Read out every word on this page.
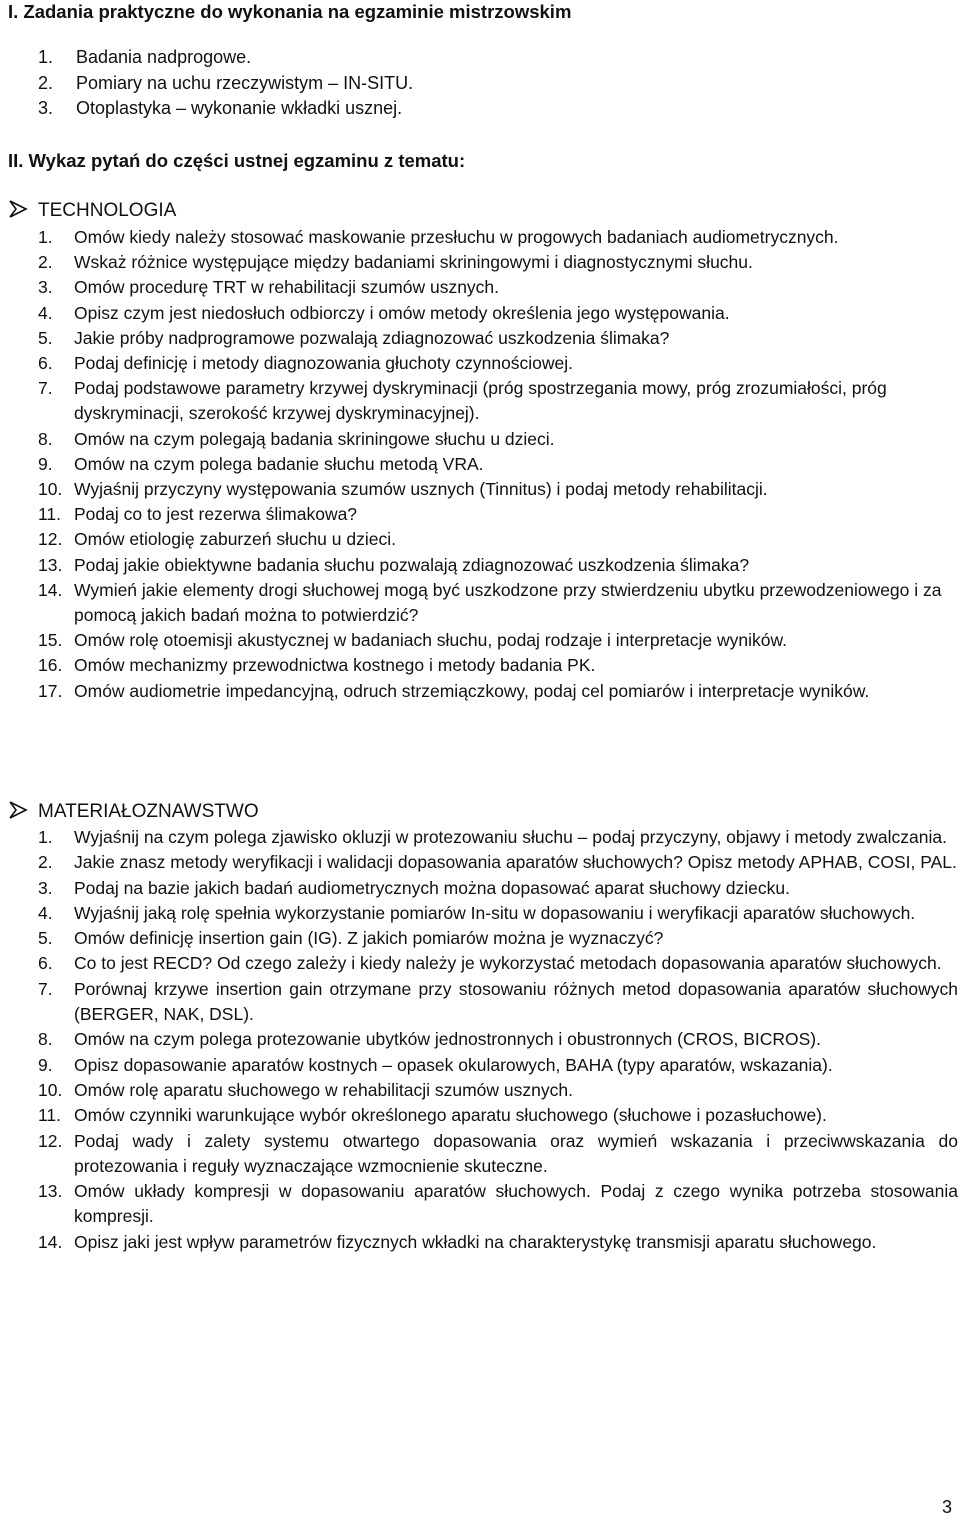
I. Zadania praktyczne do wykonania na egzaminie mistrzowskim
1. Badania nadprogowe.
2. Pomiary na uchu rzeczywistym – IN-SITU.
3. Otoplastyka – wykonanie wkładki usznej.
II. Wykaz pytań do części ustnej egzaminu z tematu:
TECHNOLOGIA
1.	Omów kiedy należy stosować maskowanie przesłuchu w progowych badaniach audiometrycznych.
2.	Wskaż różnice występujące między badaniami skriningowymi i diagnostycznymi słuchu.
3.	Omów procedurę TRT w rehabilitacji szumów usznych.
4.	Opisz czym jest niedosłuch odbiorczy i omów metody określenia jego występowania.
5.	Jakie próby nadprogramowe pozwalają zdiagnozować uszkodzenia ślimaka?
6.	Podaj definicję i metody diagnozowania głuchoty czynnościowej.
7.	Podaj podstawowe parametry krzywej dyskryminacji (próg spostrzegania mowy, próg zrozumiałości, próg dyskryminacji, szerokość krzywej dyskryminacyjnej).
8.	Omów na czym polegają badania skriningowe słuchu u dzieci.
9.	Omów na czym polega badanie słuchu metodą VRA.
10. Wyjaśnij przyczyny występowania szumów usznych (Tinnitus) i podaj metody rehabilitacji.
11. Podaj co to jest rezerwa ślimakowa?
12. Omów etiologię zaburzeń słuchu u dzieci.
13. Podaj jakie obiektywne badania słuchu pozwalają zdiagnozować uszkodzenia ślimaka?
14. Wymień jakie elementy drogi słuchowej mogą być uszkodzone przy stwierdzeniu ubytku przewodzeniowego i za pomocą jakich badań można to potwierdzić?
15. Omów rolę otoemisji akustycznej w badaniach słuchu, podaj rodzaje i interpretacje wyników.
16. Omów mechanizmy przewodnictwa kostnego i metody badania PK.
17. Omów audiometrie impedancyjną, odruch strzemiączkowy, podaj cel pomiarów i interpretacje wyników.
MATERIAŁOZNAWSTWO
1.	Wyjaśnij na czym polega zjawisko okluzji w protezowaniu słuchu – podaj przyczyny, objawy i metody zwalczania.
2.	Jakie znasz metody weryfikacji i walidacji dopasowania aparatów słuchowych? Opisz metody APHAB, COSI, PAL.
3.	Podaj na bazie jakich badań audiometrycznych można dopasować aparat słuchowy dziecku.
4.	Wyjaśnij jaką rolę spełnia wykorzystanie pomiarów In-situ w dopasowaniu i weryfikacji aparatów słuchowych.
5.	Omów definicję insertion gain (IG). Z jakich pomiarów można je wyznaczyć?
6.	Co to jest RECD? Od czego zależy i kiedy należy je wykorzystać metodach dopasowania aparatów słuchowych.
7.	Porównaj krzywe insertion gain otrzymane przy stosowaniu różnych metod dopasowania aparatów słuchowych (BERGER, NAK, DSL).
8.	Omów na czym polega protezowanie ubytków jednostronnych i obustronnych (CROS, BICROS).
9.	Opisz dopasowanie aparatów kostnych – opasek okularowych, BAHA (typy aparatów, wskazania).
10. Omów rolę aparatu słuchowego w rehabilitacji szumów usznych.
11. Omów czynniki warunkujące wybór określonego aparatu słuchowego (słuchowe i pozasłuchowe).
12. Podaj wady i zalety systemu otwartego dopasowania oraz wymień wskazania i przeciwwskazania do protezowania i reguły wyznaczające wzmocnienie skuteczne.
13. Omów układy kompresji w dopasowaniu aparatów słuchowych. Podaj z czego wynika potrzeba stosowania kompresji.
14. Opisz jaki jest wpływ parametrów fizycznych wkładki na charakterystykę transmisji aparatu słuchowego.
3
